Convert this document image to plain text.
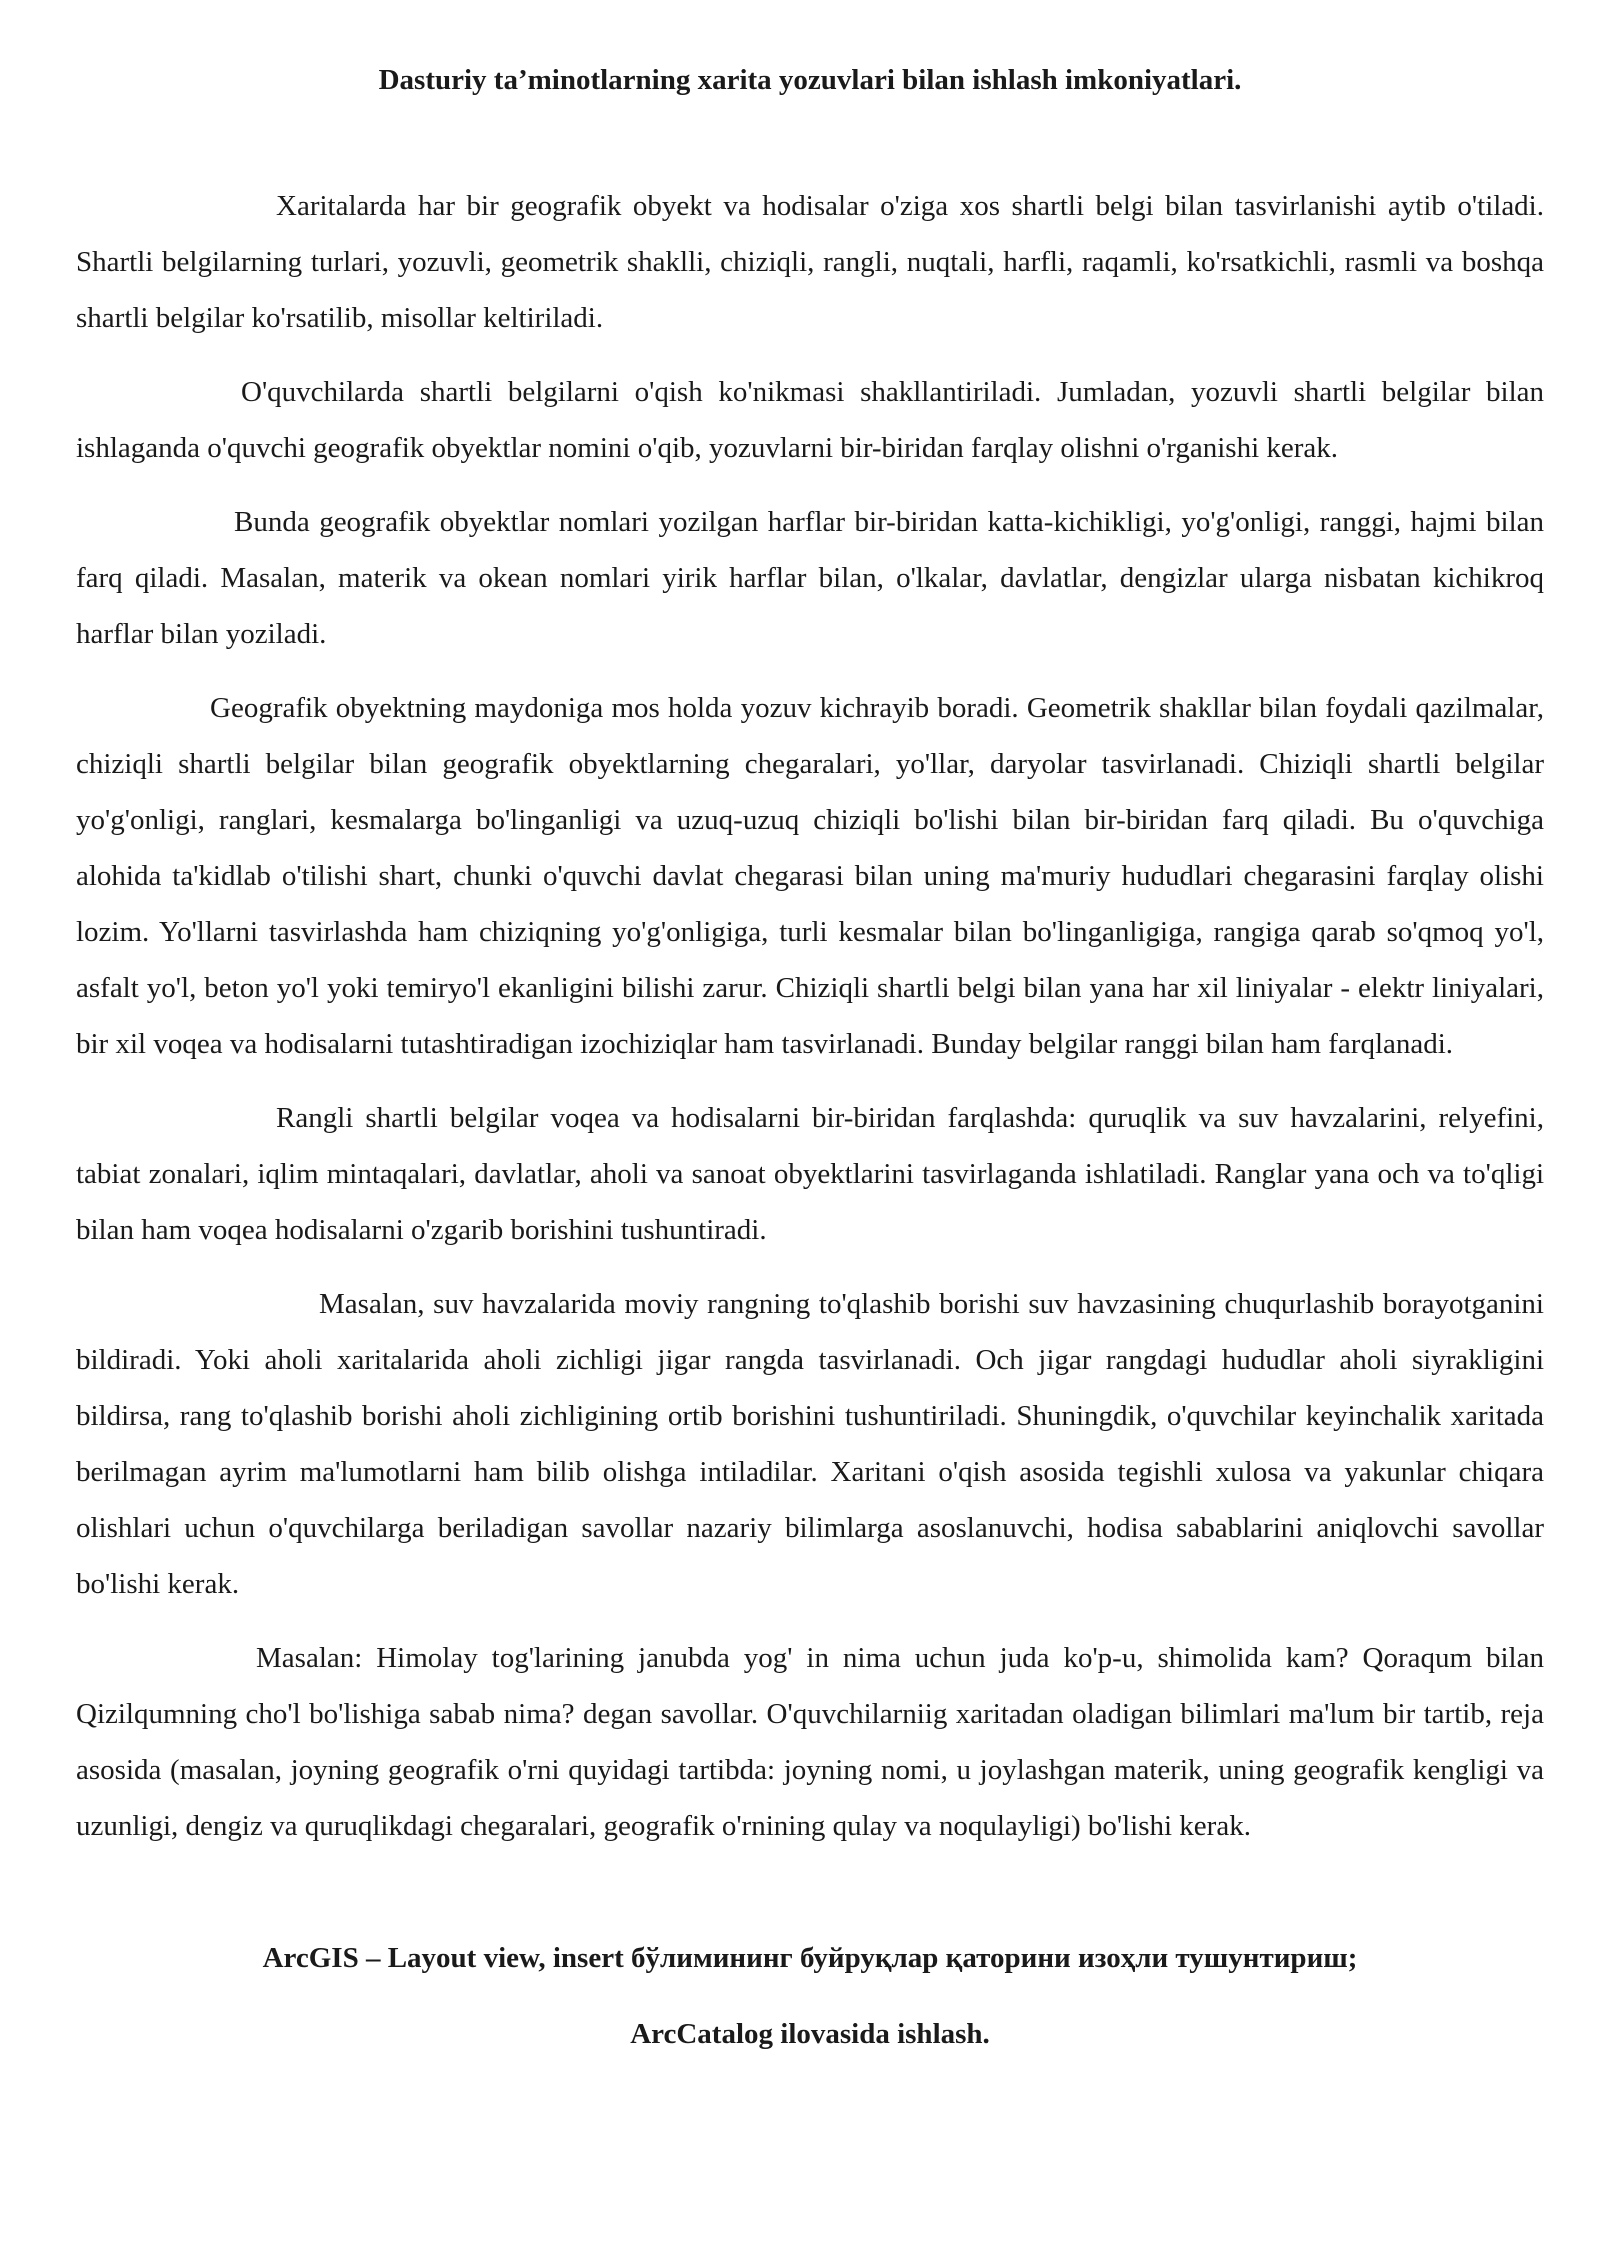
Dasturiy ta’minotlarning xarita yozuvlari bilan ishlash imkoniyatlari.

Xaritalarda har bir geografik obyekt va hodisalar o'ziga xos shartli belgi bilan tasvirlanishi aytib o'tiladi. Shartli belgilarning turlari, yozuvli, geometrik shaklli, chiziqli, rangli, nuqtali, harfli, raqamli, ko'rsatkichli, rasmli va boshqa shartli belgilar ko'rsatilib, misollar keltiriladi.

O'quvchilarda shartli belgilarni o'qish ko'nikmasi shakllantiriladi. Jumladan, yozuvli shartli belgilar bilan ishlaganda o'quvchi geografik obyektlar nomini o'qib, yozuvlarni bir-biridan farqlay olishni o'rganishi kerak.

Bunda geografik obyektlar nomlari yozilgan harflar bir-biridan katta-kichikligi, yo'g'onligi, ranggi, hajmi bilan farq qiladi. Masalan, materik va okean nomlari yirik harflar bilan, o'lkalar, davlatlar, dengizlar ularga nisbatan kichikroq harflar bilan yoziladi.

Geografik obyektning maydoniga mos holda yozuv kichrayib boradi. Geometrik shakllar bilan foydali qazilmalar, chiziqli shartli belgilar bilan geografik obyektlarning chegaralari, yo'llar, daryolar tasvirlanadi. Chiziqli shartli belgilar yo'g'onligi, ranglari, kesmalarga bo'linganligi va uzuq-uzuq chiziqli bo'lishi bilan bir-biridan farq qiladi. Bu o'quvchiga alohida ta'kidlab o'tilishi shart, chunki o'quvchi davlat chegarasi bilan uning ma'muriy hududlari chegarasini farqlay olishi lozim. Yo'llarni tasvirlashda ham chiziqning yo'g'onligiga, turli kesmalar bilan bo'linganligiga, rangiga qarab so'qmoq yo'l, asfalt yo'l, beton yo'l yoki temiryo'l ekanligini bilishi zarur. Chiziqli shartli belgi bilan yana har xil liniyalar - elektr liniyalari, bir xil voqea va hodisalarni tutashtiradigan izochiziqlar ham tasvirlanadi. Bunday belgilar ranggi bilan ham farqlanadi.

Rangli shartli belgilar voqea va hodisalarni bir-biridan farqlashda: quruqlik va suv havzalarini, relyefini, tabiat zonalari, iqlim mintaqalari, davlatlar, aholi va sanoat obyektlarini tasvirlaganda ishlatiladi. Ranglar yana och va to'qligi bilan ham voqea hodisalarni o'zgarib borishini tushuntiradi.

Masalan, suv havzalarida moviy rangning to'qlashib borishi suv havzasining chuqurlashib borayotganini bildiradi. Yoki aholi xaritalarida aholi zichligi jigar rangda tasvirlanadi. Och jigar rangdagi hududlar aholi siyrakligini bildirsa, rang to'qlashib borishi aholi zichligining ortib borishini tushuntiriladi. Shuningdik, o'quvchilar keyinchalik xaritada berilmagan ayrim ma'lumotlarni ham bilib olishga intiladilar. Xaritani o'qish asosida tegishli xulosa va yakunlar chiqara olishlari uchun o'quvchilarga beriladigan savollar nazariy bilimlarga asoslanuvchi, hodisa sabablarini aniqlovchi savollar bo'lishi kerak.

Masalan: Himolay tog'larining janubda yog' in nima uchun juda ko'p-u, shimolida kam? Qoraqum bilan Qizilqumning cho'l bo'lishiga sabab nima? degan savollar. O'quvchilarniig xaritadan oladigan bilimlari ma'lum bir tartib, reja asosida (masalan, joyning geografik o'rni quyidagi tartibda: joyning nomi, u joylashgan materik, uning geografik kengligi va uzunligi, dengiz va quruqlikdagi chegaralari, geografik o'rnining qulay va noqulayligi) bo'lishi kerak.

ArcGIS – Layout view, insert бўлимининг буйруқлар қаторини изоҳли тушунтириш;
ArcCatalog ilovasida ishlash.
